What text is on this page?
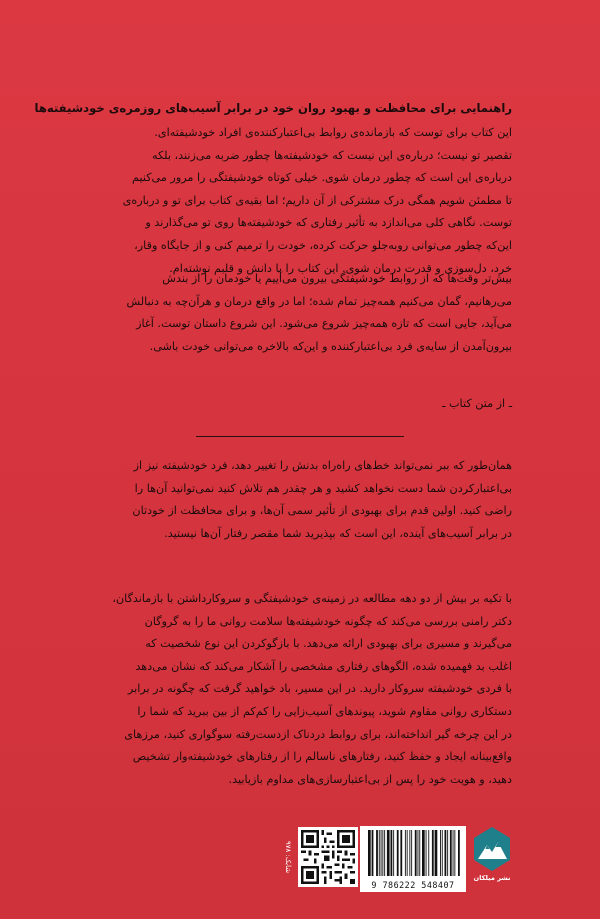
راهنمایی برای محافظت و بهبود روان خود در برابر آسیب‌های روزمره‌ی خودشیفته‌ها
این کتاب برای توست که بازمانده‌ی روابط بی‌اعتبارکننده‌ی افراد خودشیفته‌ای.
تقصیر تو نیست؛ درباره‌ی این نیست که خودشیفته‌ها چطور ضربه می‌زنند، بلکه
درباره‌ی این است که چطور درمان شوی. خیلی کوتاه خودشیفتگی را مرور می‌کنیم
تا مطمئن شویم همگی درک مشترکی از آن داریم؛ اما بقیه‌ی کتاب برای تو و درباره‌ی
توست. نگاهی کلی می‌اندازد به تأثیر رفتاری که خودشیفته‌ها روی تو می‌گذارند و
این‌که چطور می‌توانی روبه‌جلو حرکت کرده، خودت را ترمیم کنی و از جایگاه وقار،
خرد، دل‌سوزی و قدرت درمان شوی. این کتاب را با دانش و قلبم نوشته‌ام.
بیش‌تر وقت‌ها که از روابط خودشیفتگی بیرون می‌آییم یا خودمان را از بندش
می‌رهانیم، گمان می‌کنیم همه‌چیز تمام شده؛ اما در واقع درمان و هرآن‌چه به دنبالش
می‌آید، جایی است که تازه همه‌چیز شروع می‌شود. این شروع داستان توست. آغاز
بیرون‌آمدن از سایه‌ی فرد بی‌اعتبارکننده و این‌که بالاخره می‌توانی خودت باشی.
ـ از متن کتاب ـ
همان‌طور که ببر نمی‌تواند خط‌های راه‌راه بدنش را تغییر دهد، فرد خودشیفته نیز از
بی‌اعتبارکردن شما دست نخواهد کشید و هر چقدر هم تلاش کنید نمی‌توانید آن‌ها را
راضی کنید. اولین قدم برای بهبودی از تأثیر سمی آن‌ها، و برای محافظت از خودتان
در برابر آسیب‌های آینده، این است که بپذیرید شما مقصر رفتار آن‌ها نیستید.
با تکیه بر بیش از دو دهه مطالعه در زمینه‌ی خودشیفتگی و سروکارداشتن با بازماندگان،
دکتر رامنی بررسی می‌کند که چگونه خودشیفته‌ها سلامت روانی ما را به گروگان
می‌گیرند و مسیری برای بهبودی ارائه می‌دهد. با بازگوکردن این نوع شخصیت که
اغلب بد فهمیده شده، الگوهای رفتاری مشخصی را آشکار می‌کند که نشان می‌دهد
با فردی خودشیفته سروکار دارید. در این مسیر، باد خواهید گرفت که چگونه در برابر
دستکاری روانی مقاوم شوید، پیوندهای آسیب‌زایی را کم‌کم از بین ببرید که شما را
در این چرخه گیر انداخته‌اند، برای روابط دردناک ازدست‌رفته سوگواری کنید، مرزهای
واقع‌بینانه ایجاد و حفظ کنید، رفتارهای ناسالم را از رفتارهای خودشیفته‌وار تشخیص
دهید، و هویت خود را پس از بی‌اعتبارسازی‌های مداوم بازیابید.
شابک: ۹۷۸
9 786222 548407
نشر میلکان
